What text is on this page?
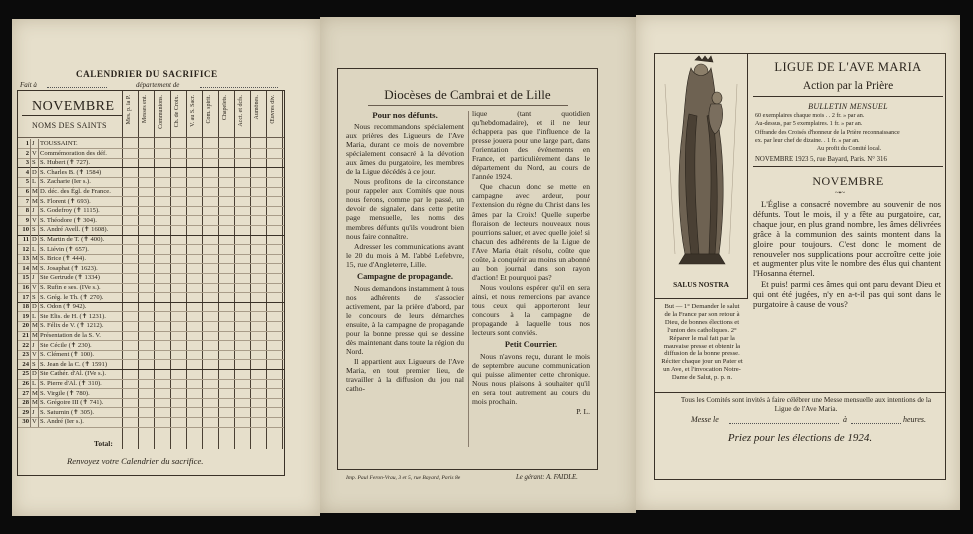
CALENDRIER DU SACRIFICE
Fait à	département de
NOVEMBRE
NOMS DES SAINTS
Mes. p. la P. Messes ent. Communions. Ch. de Croix. V. au S. Sacr. Com. spirit. Chapelets. Acct. et dcfs. Aumônes. Œuvres div.
1 J TOUSSAINT.
2 V Commémoration des déf.
3 S S. Hubert (✝ 727).
4 D S. Charles B. (✝ 1584)
5 L S. Zacharie (Ier s.).
6 M D. déc. des Égl. de France.
7 M S. Florent (✝ 693).
8 J S. Godefroy (✝ 1115).
9 V S. Théodore (✝ 304).
10 S S. André Avell. (✝ 1608).
11 D S. Martin de T. (✝ 400).
12 L S. Liévin (✝ 657).
13 M S. Brice (✝ 444).
14 M S. Josaphat (✝ 1623).
15 J Ste Gertrude (✝ 1334)
16 V S. Rufin e ses. (IVe s.).
17 S S. Grég. le Th. (✝ 270).
18 D S. Odon (✝ 942).
19 L Ste Elis. de H. (✝ 1231).
20 M S. Félix de V. (✝ 1212).
21 M Présentation de la S. V.
22 J Ste Cécile (✝ 230).
23 V S. Clément (✝ 100).
24 S S. Jean de la C. (✝ 1591)
25 D Ste Cathér. d'Al. (IVe s.).
26 L S. Pierre d'Al. (✝ 310).
27 M S. Virgile (✝ 780).
28 M S. Grégoire III (✝ 741).
29 J S. Saturnin (✝ 305).
30 V S. André (Ier s.).
Total:
Renvoyez votre Calendrier du sacrifice.
Diocèses de Cambrai et de Lille

Pour nos défunts.

Nous recommandons spécialement aux prières des Ligueurs de l'Ave Maria, durant ce mois de novembre spécialement consacré à la dévotion aux âmes du purgatoire, les membres de la Ligue décédés à ce jour.

Nous profitons de la circonstance pour rappeler aux Comités que nous nous ferons, comme par le passé, un devoir de signaler, dans cette petite page mensuelle, les noms des membres défunts qu'ils voudront bien nous faire connaître.

Adresser les communications avant le 20 du mois à M. l'abbé Lefebvre, 15, rue d'Angleterre, Lille.

Campagne de propagande.

Nous demandons instamment à tous nos adhérents de s'associer activement, par la prière d'abord, par le concours de leurs démarches ensuite, à la campagne de propagande pour la bonne presse qui se dessine dès maintenant dans toute la région du Nord.

Il appartient aux Ligueurs de l'Ave Maria, en tout premier lieu, de travailler à la diffusion du jou nal catho-

lique (tant quotidien qu'hebdomadaire), et il ne leur échappera pas que l'influence de la presse jouera pour une large part, dans l'orientation des événements en France, et particulièrement dans le département du Nord, au cours de l'année 1924.

Que chacun donc se mette en campagne avec ardeur, pour l'extension du règne du Christ dans les âmes par la Croix! Quelle superbe floraison de lecteurs nouveaux nous pourrions saluer, et avec quelle joie! si chacun des adhérents de la Ligue de l'Ave Maria était résolu, coûte que coûte, à conquérir au moins un abonné au bon journal dans son rayon d'action! Et pourquoi pas?

Nous voulons espérer qu'il en sera ainsi, et nous remercions par avance tous ceux qui apporteront leur concours à la campagne de propagande à laquelle tous nos lecteurs sont conviés.

Petit Courrier.

Nous n'avons reçu, durant le mois de septembre aucune communication qui puisse alimenter cette chronique. Nous nous plaisons à souhaiter qu'il en sera tout autrement au cours du mois prochain.

P. L.

Imp. Paul Feron-Vrau, 3 et 5, rue Bayard, Paris 8e	Le gérant: A. FAIDLE.
SALUS NOSTRA
But — 1° Demander le salut de la France par son retour à Dieu, de bonnes élections et l'union des catholiques. 2° Réparer le mal fait par la mauvaise presse et obtenir la diffusion de la bonne presse. Réciter chaque jour un Pater et un Ave, et l'invocation Notre-Dame de Salut, p. p. n.
LIGUE DE L'AVE MARIA
Action par la Prière
BULLETIN MENSUEL
60 exemplaires chaque mois . . 2 fr. » par an.
Au-dessus, par 5 exemplaires. 1 fr. » par an.
Offrande des Croisés d'honneur de la Prière reconnaissance
ex. par leur chef de dizaine. . 1 fr. » par an.
Au profit du Comité local.
NOVEMBRE 1923 5, rue Bayard, Paris. N° 316
NOVEMBRE
~•~

L'Église a consacré novembre au souvenir de nos défunts. Tout le mois, il y a fête au purgatoire, car, chaque jour, en plus grand nombre, les âmes délivrées grâce à la communion des saints montent dans la gloire pour toujours. C'est donc le moment de renouveler nos supplications pour accroître cette joie et augmenter plus vite le nombre des élus qui chantent l'Hosanna éternel.

Et puis! parmi ces âmes qui ont paru devant Dieu et qui ont été jugées, n'y en a-t-il pas qui sont dans le purgatoire à cause de vous?

Tous les Comités sont invités à faire célébrer une Messe mensuelle aux intentions de la Ligue de l'Ave Maria.
Messe le	à	heures.
Priez pour les élections de 1924.
